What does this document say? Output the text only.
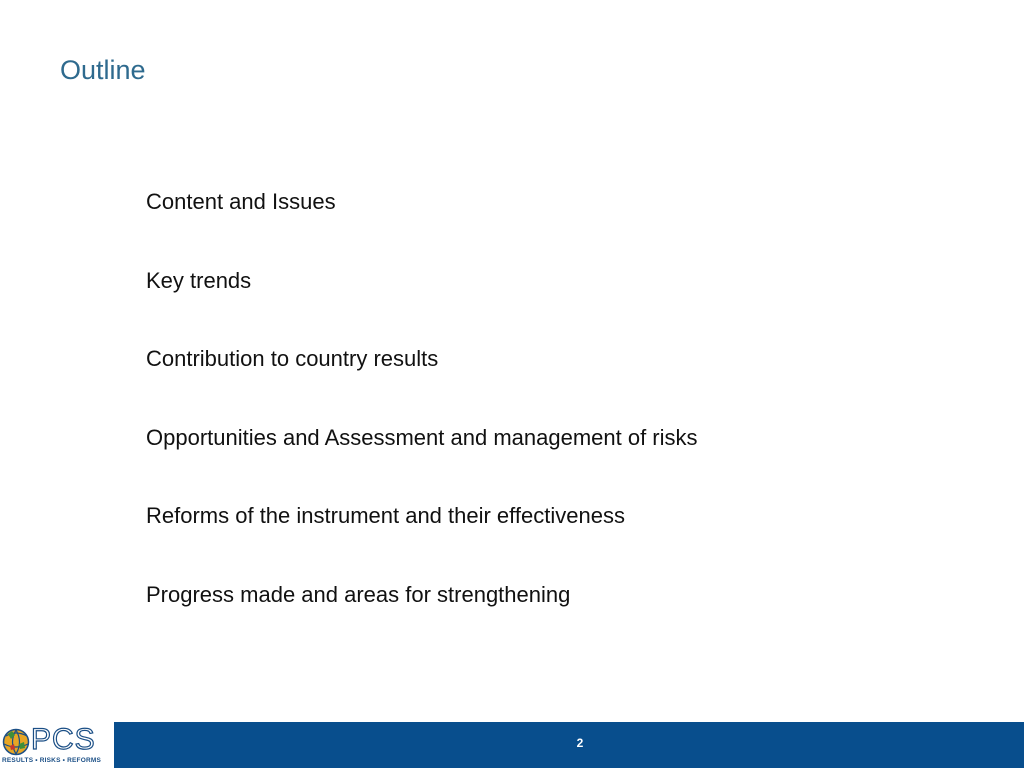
Outline
Content and Issues
Key trends
Contribution to country results
Opportunities and Assessment and management of risks
Reforms of the instrument and their effectiveness
Progress made and areas for strengthening
PCS
RESULTS • RISKS • REFORMS
2
